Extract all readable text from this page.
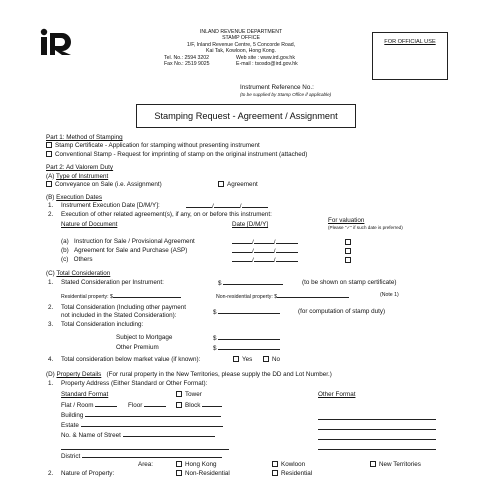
INLAND REVENUE DEPARTMENT
STAMP OFFICE
1/F, Inland Revenue Centre, 5 Concorde Road,
Kai Tak, Kowloon, Hong Kong.
Tel. No.: 2594 3202	Web site : www.ird.gov.hk
Fax No.: 2519 9025	E-mail : tsosdo@ird.gov.hk
FOR OFFICIAL USE
Instrument Reference No.:
(to be supplied by Stamp Office if applicable)
Stamping Request - Agreement / Assignment
Part 1: Method of Stamping
Stamp Certificate - Application for stamping without presenting instrument
Conventional Stamp - Request for imprinting of stamp on the original instrument (attached)
Part 2: Ad Valorem Duty
(A) Type of Instrument
Conveyance on Sale (i.e. Assignment)	Agreement
(B) Execution Dates
1. Instrument Execution Date [D/M/Y]:	/	/
2. Execution of other related agreement(s), if any, on or before this instrument:
Nature of Document	Date [D/M/Y]
For valuation
(Please "✓" if such date is preferred)
(a) Instruction for Sale / Provisional Agreement	/	/
(b) Agreement for Sale and Purchase (ASP)	/	/
(c) Others	/	/
(C) Total Consideration
1. Stated Consideration per Instrument:	$	(to be shown on stamp certificate)
Residential property: $	Non-residential property: $	(Note 1)
2. Total Consideration (Including other payment
not included in the Stated Consideration):	$	(for computation of stamp duty)
3. Total Consideration including:
Subject to Mortgage	$
Other Premium	$
4. Total consideration below market value (if known):	Yes	No
(D) Property Details (For rural property in the New Territories, please supply the DD and Lot Number.)
1. Property Address (Either Standard or Other Format):
Standard Format	Tower	Other Format
Flat / Room	Floor	Block
Building
Estate
No. & Name of Street
District
Area:	Hong Kong	Kowloon	New Territories
2. Nature of Property:	Non-Residential	Residential
